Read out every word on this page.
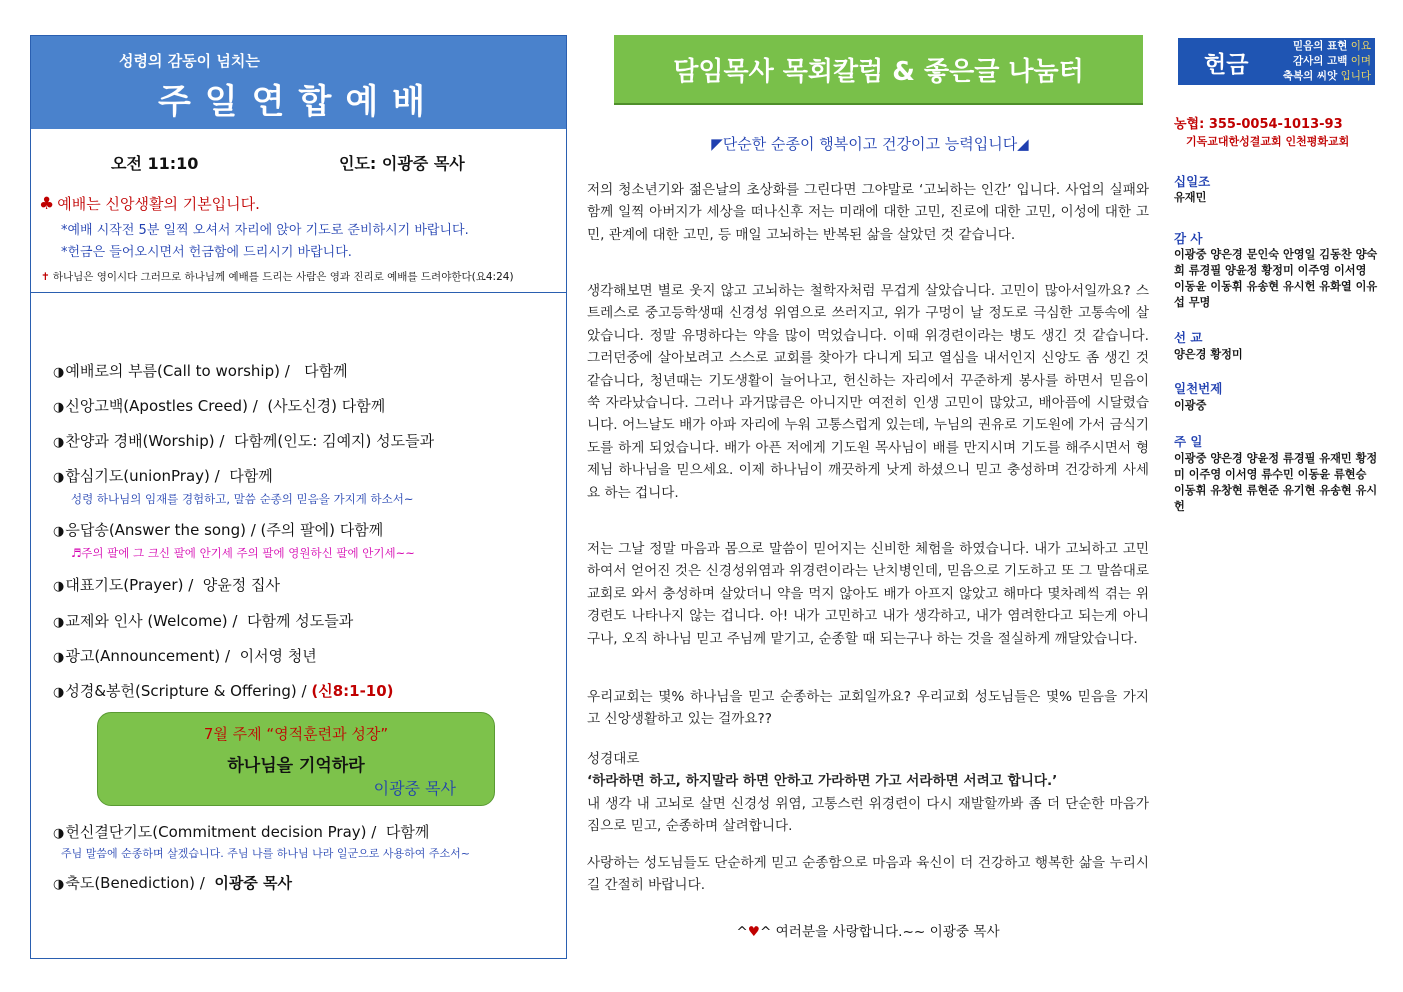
성령의 감동이 넘치는
주일연합예배
오전 11:10	인도: 이광중 목사
♣ 예배는 신앙생활의 기본입니다.
*예배 시작전 5분 일찍 오셔서 자리에 앉아 기도로 준비하시기 바랍니다.
*헌금은 들어오시면서 헌금함에 드리시기 바랍니다.
✝ 하나님은 영이시다 그러므로 하나님께 예배를 드리는 사람은 영과 진리로 예배를 드려야한다(요4:24)
◑예배로의 부름(Call to worship) / 다함께
◑신앙고백(Apostles Creed) / (사도신경) 다함께
◑찬양과 경배(Worship) / 다함께(인도: 김예지) 성도들과
◑합심기도(unionPray) / 다함께
성령 하나님의 임재를 경험하고, 말씀 순종의 믿음을 가지게 하소서~
◑응답송(Answer the song) / (주의 팔에) 다함께
♬주의 팔에 그 크신 팔에 안기세 주의 팔에 영원하신 팔에 안기세~~
◑대표기도(Prayer) / 양윤정 집사
◑교제와 인사 (Welcome) / 다함께 성도들과
◑광고(Announcement) / 이서영 청년
◑성경&봉헌(Scripture & Offering) / (신8:1-10)
7월 주제 “영적훈련과 성장”
하나님을 기억하라
이광중 목사
◑헌신결단기도(Commitment decision Pray) / 다함께
주님 말씀에 순종하며 살겠습니다. 주님 나를 하나님 나라 일군으로 사용하여 주소서~
◑축도(Benediction) / 이광중 목사
담임목사 목회칼럼 & 좋은글 나눔터
◤단순한 순종이 행복이고 건강이고 능력입니다◢

저의 청소년기와 젊은날의 초상화를 그린다면 그야말로 ‘고뇌하는 인간’ 입니다. 사업의 실패와 함께 일찍 아버지가 세상을 떠나신후 저는 미래에 대한 고민, 진로에 대한 고민, 이성에 대한 고민, 관계에 대한 고민, 등 매일 고뇌하는 반복된 삶을 살았던 것 같습니다.

생각해보면 별로 웃지 않고 고뇌하는 철학자처럼 무겁게 살았습니다. 고민이 많아서일까요? 스트레스로 중고등학생때 신경성 위염으로 쓰러지고, 위가 구멍이 날 정도로 극심한 고통속에 살았습니다. 정말 유명하다는 약을 많이 먹었습니다. 이때 위경련이라는 병도 생긴 것 같습니다. 그러던중에 살아보려고 스스로 교회를 찾아가 다니게 되고 열심을 내서인지 신앙도 좀 생긴 것 같습니다, 청년때는 기도생활이 늘어나고, 헌신하는 자리에서 꾸준하게 봉사를 하면서 믿음이 쑥 자라났습니다. 그러나 과거많큼은 아니지만 여전히 인생 고민이 많았고, 배아픔에 시달렸습니다. 어느날도 배가 아파 자리에 누워 고통스럽게 있는데, 누님의 권유로 기도원에 가서 금식기도를 하게 되었습니다. 배가 아픈 저에게 기도원 목사님이 배를 만지시며 기도를 해주시면서 형제님 하나님을 믿으세요. 이제 하나님이 깨끗하게 낫게 하셨으니 믿고 충성하며 건강하게 사세요 하는 겁니다.

저는 그날 정말 마음과 몸으로 말씀이 믿어지는 신비한 체험을 하였습니다. 내가 고뇌하고 고민하여서 얻어진 것은 신경성위염과 위경련이라는 난치병인데, 믿음으로 기도하고 또 그 말씀대로 교회로 와서 충성하며 살았더니 약을 먹지 않아도 배가 아프지 않았고 해마다 몇차례씩 겪는 위경련도 나타나지 않는 겁니다. 아! 내가 고민하고 내가 생각하고, 내가 염려한다고 되는게 아니구나, 오직 하나님 믿고 주님께 맡기고, 순종할 때 되는구나 하는 것을 절실하게 깨달았습니다.

우리교회는 몇% 하나님을 믿고 순종하는 교회일까요? 우리교회 성도님들은 몇% 믿음을 가지고 신앙생활하고 있는 걸까요??

성경대로

‘하라하면 하고, 하지말라 하면 안하고 가라하면 가고 서라하면 서려고 합니다.’

내 생각 내 고뇌로 살면 신경성 위염, 고통스런 위경련이 다시 재발할까봐 좀 더 단순한 마음가짐으로 믿고, 순종하며 살려합니다.

사랑하는 성도님들도 단순하게 믿고 순종함으로 마음과 육신이 더 건강하고 행복한 삶을 누리시길 간절히 바랍니다.

^♥^ 여러분을 사랑합니다.~~ 이광중 목사
헌금
믿음의 표현 이요
감사의 고백 이며
축복의 씨앗 입니다
농협: 355-0054-1013-93
기독교대한성결교회 인천평화교회
십일조
유재민
감 사
이광중 양은경 문인숙 안영일 김동찬 양숙희 류경필 양윤정 황정미 이주영 이서영 이동윤 이동휘 유송현 유시헌 유화열 이유섭 무명
선 교
양은경 황정미
일천번제
이광중
주 일
이광중 양은경 양윤정 류경필 유재민 황정미 이주영 이서영 류수민 이동윤 류현승 이동휘 유창현 류현준 유기현 유송현 유시헌
